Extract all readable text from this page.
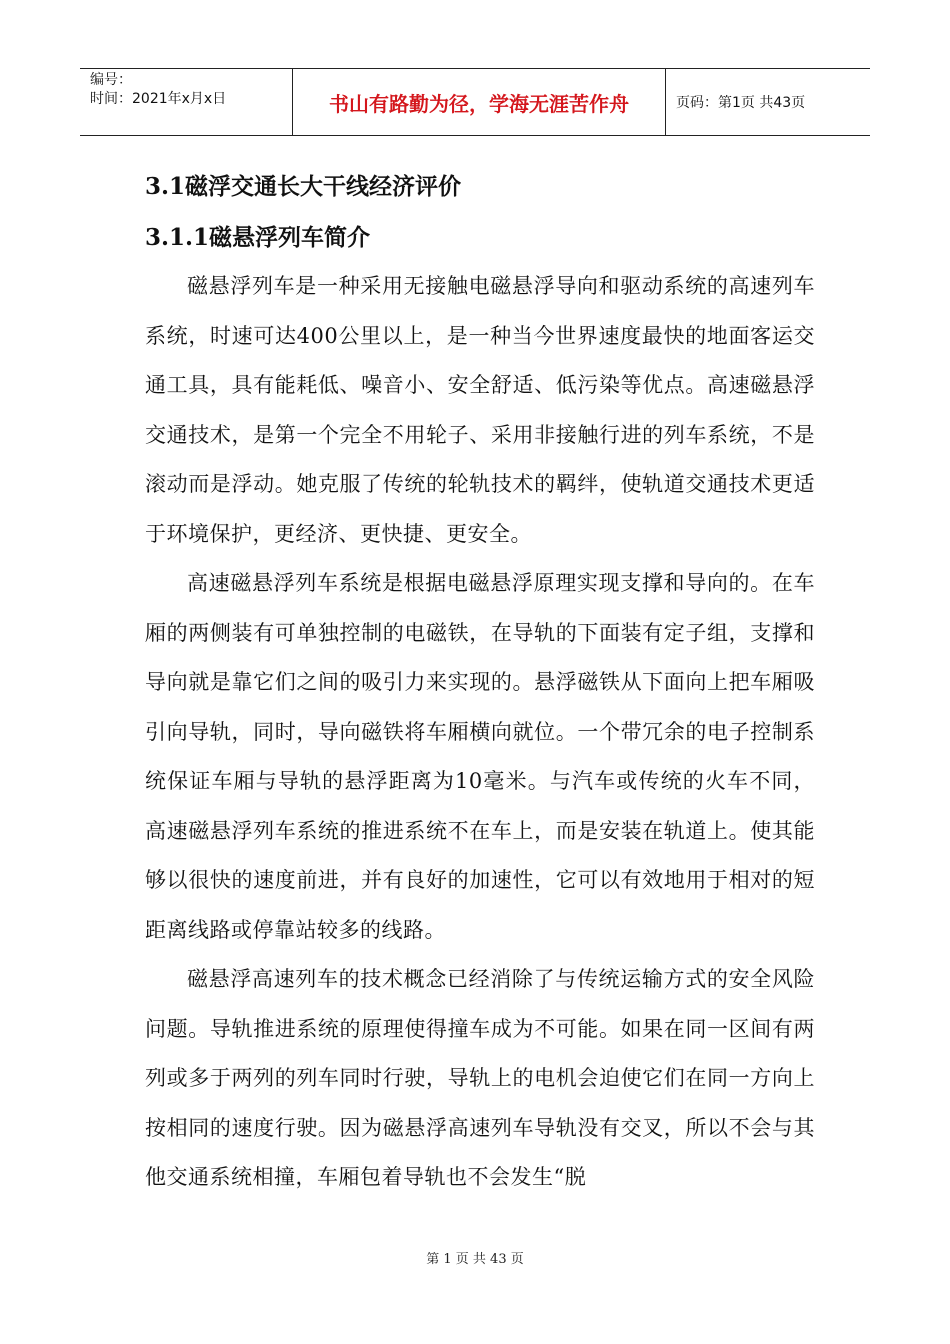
编号：
时间：2021年x月x日	书山有路勤为径，学海无涯苦作舟	页码：第1页 共43页
3.1磁浮交通长大干线经济评价
3.1.1磁悬浮列车简介

磁悬浮列车是一种采用无接触电磁悬浮导向和驱动系统的高速列车系统，时速可达400公里以上，是一种当今世界速度最快的地面客运交通工具，具有能耗低、噪音小、安全舒适、低污染等优点。高速磁悬浮交通技术，是第一个完全不用轮子、采用非接触行进的列车系统，不是滚动而是浮动。她克服了传统的轮轨技术的羁绊，使轨道交通技术更适于环境保护，更经济、更快捷、更安全。

高速磁悬浮列车系统是根据电磁悬浮原理实现支撑和导向的。在车厢的两侧装有可单独控制的电磁铁，在导轨的下面装有定子组，支撑和导向就是靠它们之间的吸引力来实现的。悬浮磁铁从下面向上把车厢吸引向导轨，同时，导向磁铁将车厢横向就位。一个带冗余的电子控制系统保证车厢与导轨的悬浮距离为10毫米。与汽车或传统的火车不同，高速磁悬浮列车系统的推进系统不在车上，而是安装在轨道上。使其能够以很快的速度前进，并有良好的加速性，它可以有效地用于相对的短距离线路或停靠站较多的线路。

磁悬浮高速列车的技术概念已经消除了与传统运输方式的安全风险问题。导轨推进系统的原理使得撞车成为不可能。如果在同一区间有两列或多于两列的列车同时行驶，导轨上的电机会迫使它们在同一方向上按相同的速度行驶。因为磁悬浮高速列车导轨没有交叉，所以不会与其他交通系统相撞，车厢包着导轨也不会发生“脱

第 1 页 共 43 页
